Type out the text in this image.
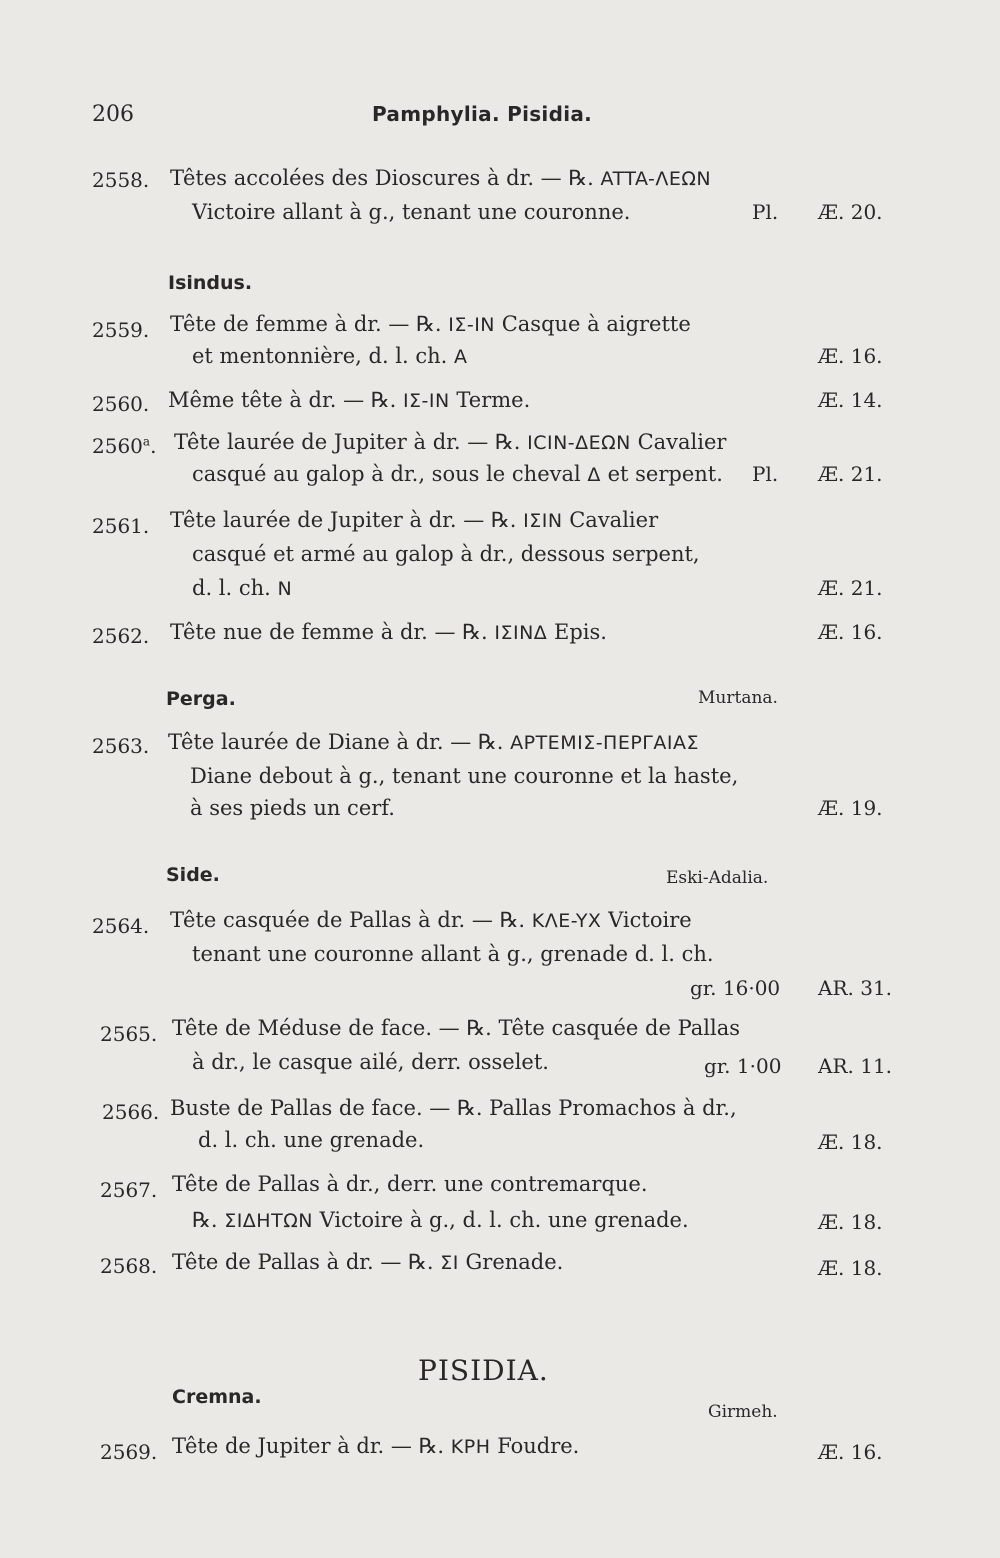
206	Pamphylia. Pisidia.
2558. Têtes accolées des Dioscures à dr. — ℞. ATTA-ΛEΩN
Victoire allant à g., tenant une couronne.	Pl. Æ. 20.
Isindus.
2559. Tête de femme à dr. — ℞. IΣ-IN Casque à aigrette
et mentonnière, d. l. ch. A	Æ. 16.
2560. Même tête à dr. — ℞. IΣ-IN Terme.	Æ. 14.
2560$^a$. Tête laurée de Jupiter à dr. — ℞. ICIN-ΔEΩN Cavalier
casqué au galop à dr., sous le cheval Δ et serpent. Pl. Æ. 21.
2561. Tête laurée de Jupiter à dr. — ℞. IΣIN Cavalier
casqué et armé au galop à dr., dessous serpent,
d. l. ch. N	Æ. 21.
2562. Tête nue de femme à dr. — ℞. IΣINΔ Epis.	Æ. 16.
Perga.	Murtana.
2563. Tête laurée de Diane à dr. — ℞. APTEMIΣ-ΠEPΓAIAΣ
Diane debout à g., tenant une couronne et la haste,
à ses pieds un cerf.	Æ. 19.
Side.	Eski-Adalia.
2564. Tête casquée de Pallas à dr. — ℞. KΛE-YX Victoire
tenant une couronne allant à g., grenade d. l. ch.
gr. 16·00 AR. 31.
2565. Tête de Méduse de face. — ℞. Tête casquée de Pallas
à dr., le casque ailé, derr. osselet.	gr. 1·00 AR. 11.
2566. Buste de Pallas de face. — ℞. Pallas Promachos à dr.,
d. l. ch. une grenade.	Æ. 18.
2567. Tête de Pallas à dr., derr. une contremarque.
℞. ΣIΔHTΩN Victoire à g., d. l. ch. une grenade.	Æ. 18.
2568. Tête de Pallas à dr. — ℞. ΣI Grenade.	Æ. 18.
PISIDIA.
Cremna.
Girmeh.
2569. Tête de Jupiter à dr. — ℞. KPH Foudre.	Æ. 16.
